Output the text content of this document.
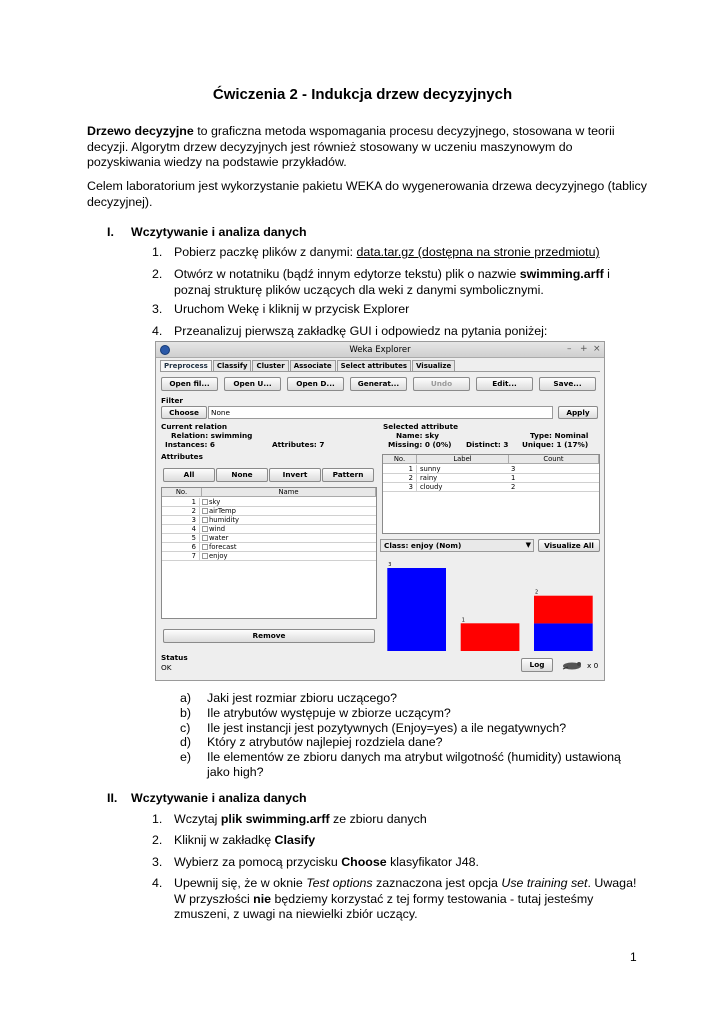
Ćwiczenia 2 - Indukcja drzew decyzyjnych
Drzewo decyzyjne to graficzna metoda wspomagania procesu decyzyjnego, stosowana w teorii
decyzji. Algorytm drzew decyzyjnych jest również stosowany w uczeniu maszynowym do
pozyskiwania wiedzy na podstawie przykładów.
Celem laboratorium jest wykorzystanie pakietu WEKA do wygenerowania drzewa decyzyjnego (tablicy
decyzyjnej).
I. Wczytywanie i analiza danych
1. Pobierz paczkę plików z danymi: data.tar.gz (dostępna na stronie przedmiotu)
2. Otwórz w notatniku (bądź innym edytorze tekstu) plik o nazwie swimming.arff i
poznaj strukturę plików uczących dla weki z danymi symbolicznymi.
3. Uruchom Wekę i kliknij w przycisk Explorer
4. Przeanalizuj pierwszą zakładkę GUI i odpowiedz na pytania poniżej:
Weka Explorer	– + ×
Preprocess	Classify	Cluster	Associate	Select attributes	Visualize
Open fil...	Open U...	Open D...	Generat...	Undo	Edit...	Save...
Filter
Choose	None	Apply
Current relation
Relation: swimming
Instances: 6	Attributes: 7
Selected attribute
Name: sky	Type: Nominal
Missing: 0 (0%) Distinct: 3 Unique: 1 (17%)
Attributes
All	None	Invert	Pattern
No.	Name
1	sky
2	airTemp
3	humidity
4	wind
5	water
6	forecast
7	enjoy
Remove
No.	Label	Count
1	sunny	3
2	rainy	1
3	cloudy	2
Class: enjoy (Nom)	▼	Visualize All
3
1
2
Status
OK	Log	x 0
a) Jaki jest rozmiar zbioru uczącego?
b) Ile atrybutów występuje w zbiorze uczącym?
c) Ile jest instancji jest pozytywnych (Enjoy=yes) a ile negatywnych?
d) Który z atrybutów najlepiej rozdziela dane?
e) Ile elementów ze zbioru danych ma atrybut wilgotność (humidity) ustawioną
jako high?
II. Wczytywanie i analiza danych
1. Wczytaj plik swimming.arff ze zbioru danych
2. Kliknij w zakładkę Clasify
3. Wybierz za pomocą przycisku Choose klasyfikator J48.
4. Upewnij się, że w oknie Test options zaznaczona jest opcja Use training set. Uwaga!
W przyszłości nie będziemy korzystać z tej formy testowania - tutaj jesteśmy
zmuszeni, z uwagi na niewielki zbiór uczący.
1
